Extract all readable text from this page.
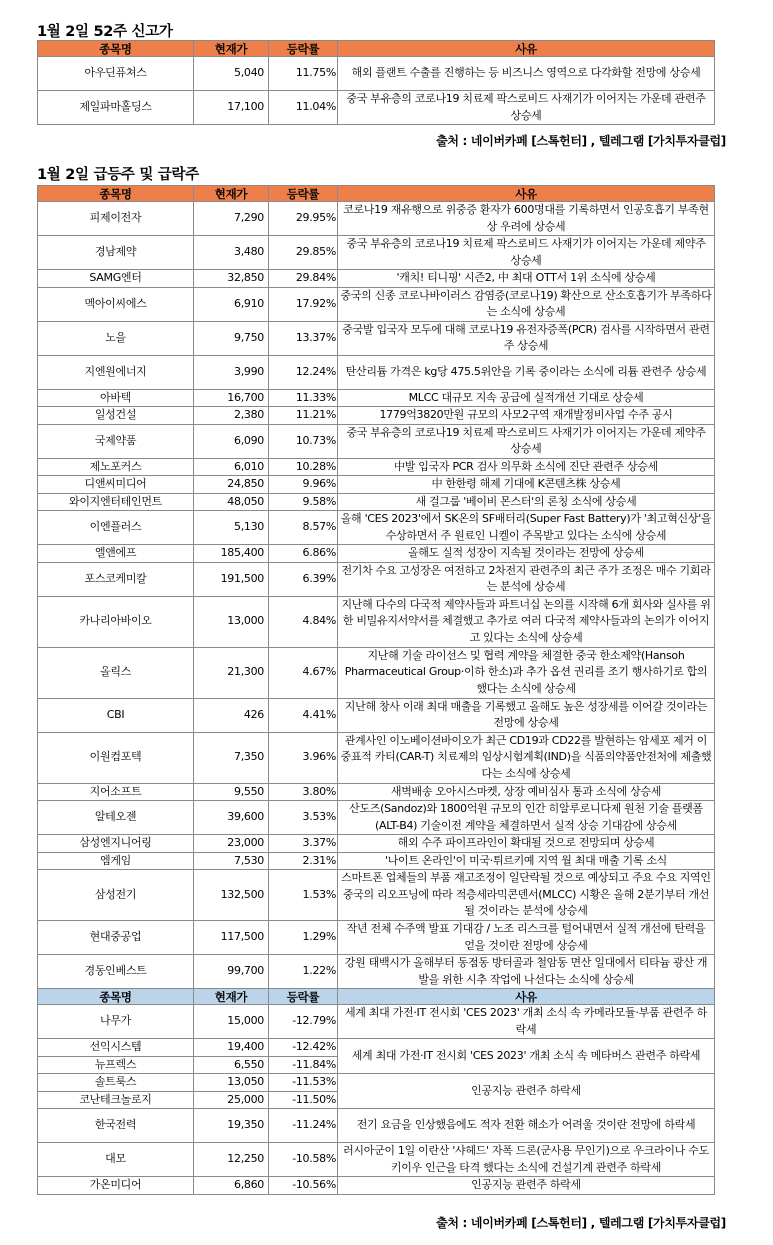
1월 2일 52주 신고가
종목명	현재가	등락률	사유
아우딘퓨쳐스	5,040	11.75%	해외 플랜트 수출를 진행하는 등 비즈니스 영역으로 다각화할 전망에 상승세
제일파마홀딩스	17,100	11.04%	중국 부유층의 코로나19 치료제 팍스로비드 사재기가 이어지는 가운데 관련주 상승세
출처 : 네이버카페 [스톡헌터] , 텔레그램 [가치투자클럽]
1월 2일 급등주 및 급락주
종목명	현재가	등락률	사유
피제이전자	7,290	29.95%	코로나19 재유행으로 위중증 환자가 600명대를 기록하면서 인공호흡기 부족현상 우려에 상승세
경남제약	3,480	29.85%	중국 부유층의 코로나19 치료제 팍스로비드 사재기가 이어지는 가운데 제약주 상승세
SAMG엔터	32,850	29.84%	'캐치! 티니핑' 시즌2, 中 최대 OTT서 1위 소식에 상승세
멕아이씨에스	6,910	17.92%	중국의 신종 코로나바이러스 감염증(코로나19) 확산으로 산소호흡기가 부족하다는 소식에 상승세
노을	9,750	13.37%	중국발 입국자 모두에 대해 코로나19 유전자증폭(PCR) 검사를 시작하면서 관련주 상승세
지엔원에너지	3,990	12.24%	탄산리튬 가격은 kg당 475.5위안을 기록 중이라는 소식에 리튬 관련주 상승세
아바텍	16,700	11.33%	MLCC 대규모 지속 공급에 실적개선 기대로 상승세
일성건설	2,380	11.21%	1779억3820만원 규모의 사모2구역 재개발정비사업 수주 공시
국제약품	6,090	10.73%	중국 부유층의 코로나19 치료제 팍스로비드 사재기가 이어지는 가운데 제약주 상승세
제노포커스	6,010	10.28%	中발 입국자 PCR 검사 의무화 소식에 진단 관련주 상승세
디앤씨미디어	24,850	9.96%	中 한한령 해제 기대에 K콘텐츠株 상승세
와이지엔터테인먼트	48,050	9.58%	새 걸그룹 '베이비 몬스터'의 론칭 소식에 상승세
이엔플러스	5,130	8.57%	올해 'CES 2023'에서 SK온의 SF배터리(Super Fast Battery)가 '최고혁신상'을 수상하면서 주 원료인 니켈이 주목받고 있다는 소식에 상승세
엘앤에프	185,400	6.86%	올해도 실적 성장이 지속될 것이라는 전망에 상승세
포스코케미칼	191,500	6.39%	전기차 수요 고성장은 여전하고 2차전지 관련주의 최근 주가 조정은 매수 기회라는 분석에 상승세
카나리아바이오	13,000	4.84%	지난해 다수의 다국적 제약사들과 파트너십 논의를 시작해 6개 회사와 실사를 위한 비밀유지서약서를 체결했고 추가로 여러 다국적 제약사들과의 논의가 이어지고 있다는 소식에 상승세
올릭스	21,300	4.67%	지난해 기술 라이선스 및 협력 계약을 체결한 중국 한소제약(Hansoh Pharmaceutical Group·이하 한소)과 추가 옵션 권리를 조기 행사하기로 합의했다는 소식에 상승세
CBI	426	4.41%	지난해 창사 이래 최대 매출을 기록했고 올해도 높은 성장세를 이어갈 것이라는 전망에 상승세
이원컴포텍	7,350	3.96%	관계사인 이노베이션바이오가 최근 CD19과 CD22를 발현하는 암세포 제거 이중표적 카티(CAR-T) 치료제의 임상시험계획(IND)을 식품의약품안전처에 제출했다는 소식에 상승세
지어소프트	9,550	3.80%	새벽배송 오아시스마켓, 상장 예비심사 통과 소식에 상승세
알테오젠	39,600	3.53%	산도즈(Sandoz)와 1800억원 규모의 인간 히알루로니다제 원천 기술 플랫폼(ALT-B4) 기술이전 계약을 체결하면서 실적 상승 기대감에 상승세
삼성엔지니어링	23,000	3.37%	해외 수주 파이프라인이 확대될 것으로 전망되며 상승세
엠게임	7,530	2.31%	'나이트 온라인'이 미국·튀르키예 지역 월 최대 매출 기록 소식
삼성전기	132,500	1.53%	스마트폰 업체들의 부품 재고조정이 일단락될 것으로 예상되고 주요 수요 지역인 중국의 리오프닝에 따라 적층세라믹콘덴서(MLCC) 시황은 올해 2분기부터 개선될 것이라는 분석에 상승세
현대중공업	117,500	1.29%	작년 전체 수주액 발표 기대감 / 노조 리스크를 털어내면서 실적 개선에 탄력을 얻을 것이란 전망에 상승세
경동인베스트	99,700	1.22%	강원 태백시가 올해부터 동점동 방터골과 철암동 면산 일대에서 티타늄 광산 개발을 위한 시추 작업에 나선다는 소식에 상승세
종목명	현재가	등락률	사유
나무가	15,000	-12.79%	세계 최대 가전·IT 전시회 'CES 2023' 개최 소식 속 카메라모듈·부품 관련주 하락세
선익시스템	19,400	-12.42%	세계 최대 가전·IT 전시회 'CES 2023' 개최 소식 속 메타버스 관련주 하락세
뉴프렉스	6,550	-11.84%	
솔트룩스	13,050	-11.53%	인공지능 관련주 하락세
코난테크놀로지	25,000	-11.50%	
한국전력	19,350	-11.24%	전기 요금을 인상했음에도 적자 전환 해소가 어려울 것이란 전망에 하락세
대모	12,250	-10.58%	러시아군이 1일 이란산 '샤헤드' 자폭 드론(군사용 무인기)으로 우크라이나 수도 키이우 인근을 타격 했다는 소식에 건설기계 관련주 하락세
가온미디어	6,860	-10.56%	인공지능 관련주 하락세
출처 : 네이버카페 [스톡헌터] , 텔레그램 [가치투자클럽]
